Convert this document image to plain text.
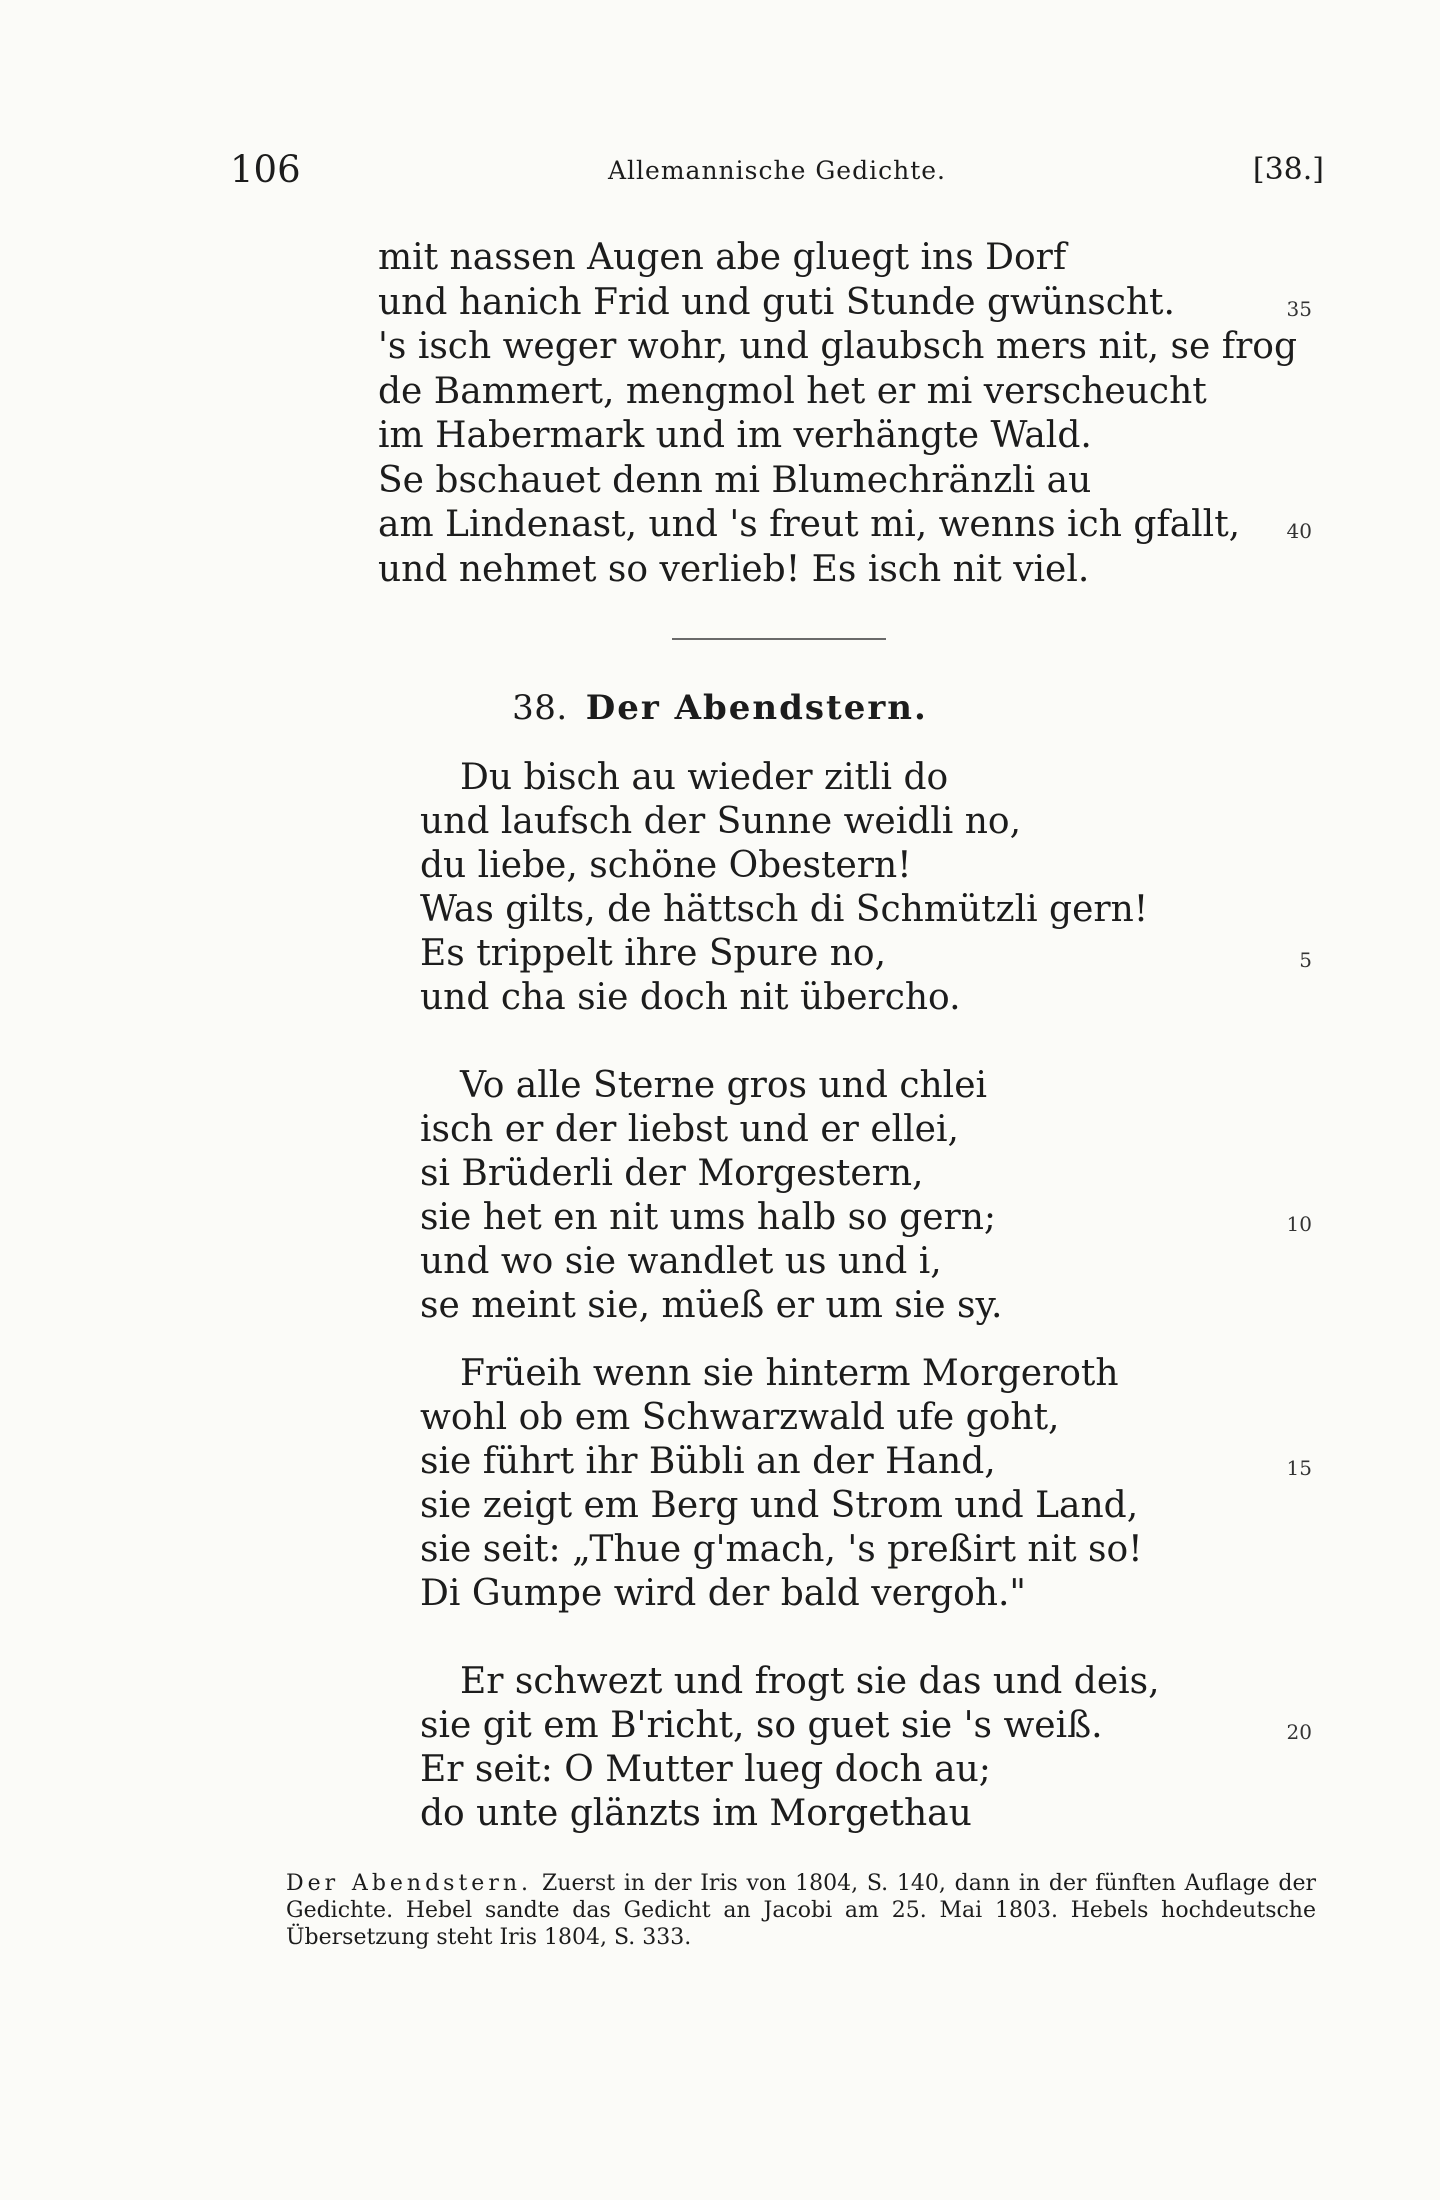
106	Allemannische Gedichte.	[38.]
mit nassen Augen abe gluegt ins Dorf
und hanich Frid und guti Stunde gwünscht.	35
's isch weger wohr, und glaubsch mers nit, se frog
de Bammert, mengmol het er mi verscheucht
im Habermark und im verhängte Wald.
Se bschauet denn mi Blumechränzli au
am Lindenast, und 's freut mi, wenns ich gfallt, 40
und nehmet so verlieb! Es isch nit viel.
38. Der Abendstern.
Du bisch au wieder zitli do
und laufsch der Sunne weidli no,
du liebe, schöne Obestern!
Was gilts, de hättsch di Schmützli gern!
Es trippelt ihre Spure no,	5
und cha sie doch nit übercho.
Vo alle Sterne gros und chlei
isch er der liebst und er ellei,
si Brüderli der Morgestern,
sie het en nit ums halb so gern;	10
und wo sie wandlet us und i,
se meint sie, müeß er um sie sy.
Früeih wenn sie hinterm Morgeroth
wohl ob em Schwarzwald ufe goht,
sie führt ihr Bübli an der Hand,	15
sie zeigt em Berg und Strom und Land,
sie seit: „Thue g'mach, 's preßirt nit so!
Di Gumpe wird der bald vergoh."
Er schwezt und frogt sie das und deis,
sie git em B'richt, so guet sie 's weiß.	20
Er seit: O Mutter lueg doch au;
do unte glänzts im Morgethau
Der Abendstern. Zuerst in der Iris von 1804, S. 140, dann in der fünften Auflage der Gedichte. Hebel sandte das Gedicht an Jacobi am 25. Mai 1803. Hebels hochdeutsche Übersetzung steht Iris 1804, S. 333.
